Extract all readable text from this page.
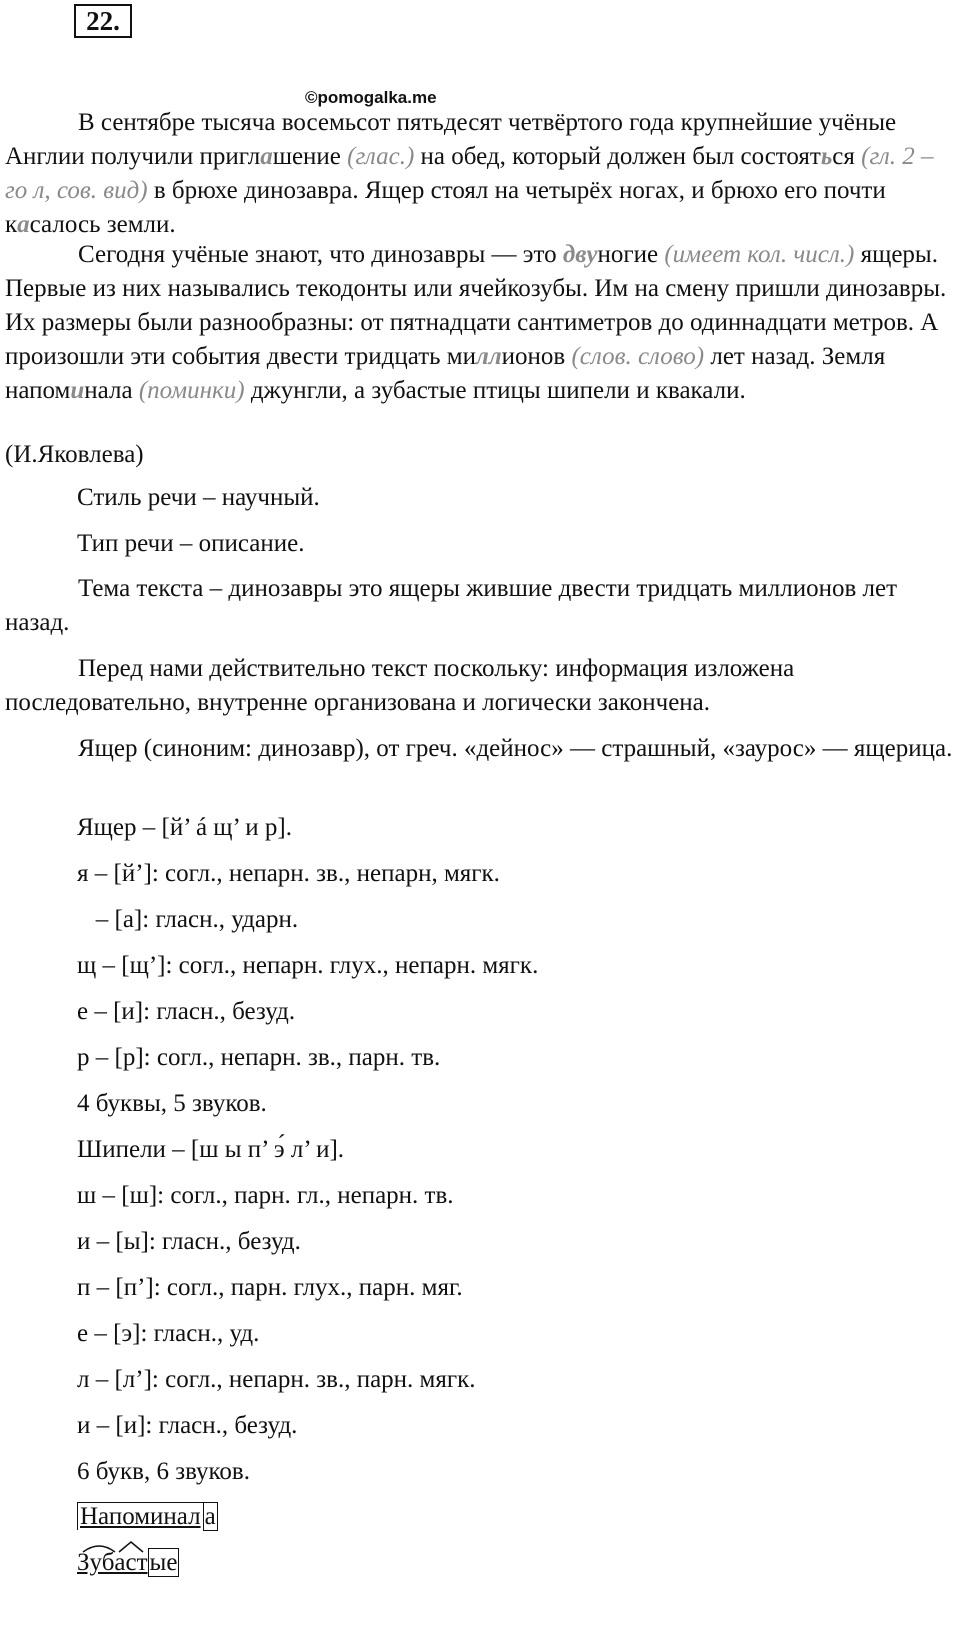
22.
©pomogalka.me
В сентябре тысяча восемьсот пятьдесят четвёртого года крупнейшие учёные Англии получили приглашение (глас.) на обед, который должен был состояться (гл. 2 – го л, сов. вид) в брюхе динозавра. Ящер стоял на четырёх ногах, и брюхо его почти касалось земли.
Сегодня учёные знают, что динозавры — это двуногие (имеет кол. числ.) ящеры. Первые из них назывались текодонты или ячейкозубы. Им на смену пришли динозавры. Их размеры были разнообразны: от пятнадцати сантиметров до одиннадцати метров. А произошли эти события двести тридцать миллионов (слов. слово) лет назад. Земля напоминала (поминки) джунгли, а зубастые птицы шипели и квакали.
(И.Яковлева)
Стиль речи – научный.
Тип речи – описание.
Тема текста – динозавры это ящеры жившие двести тридцать миллионов лет назад.
Перед нами действительно текст поскольку: информация изложена последовательно, внутренне организована и логически закончена.
Ящер (синоним: динозавр), от греч. «дейнос» — страшный, «заурос» — ящерица.
Ящер – [й’ á щ’ и р].
я – [й’]: согл., непарн. зв., непарн, мягк.
– [а]: гласн., ударн.
щ – [щ’]: согл., непарн. глух., непарн. мягк.
е – [и]: гласн., безуд.
р – [р]: согл., непарн. зв., парн. тв.
4 буквы, 5 звуков.
Шипели – [ш ы п’ э́ л’ и].
ш – [ш]: согл., парн. гл., непарн. тв.
и – [ы]: гласн., безуд.
п – [п’]: согл., парн. глух., парн. мяг.
е – [э]: гласн., уд.
л – [л’]: согл., непарн. зв., парн. мягк.
и – [и]: гласн., безуд.
6 букв, 6 звуков.
Напоминал а
Зубастые
